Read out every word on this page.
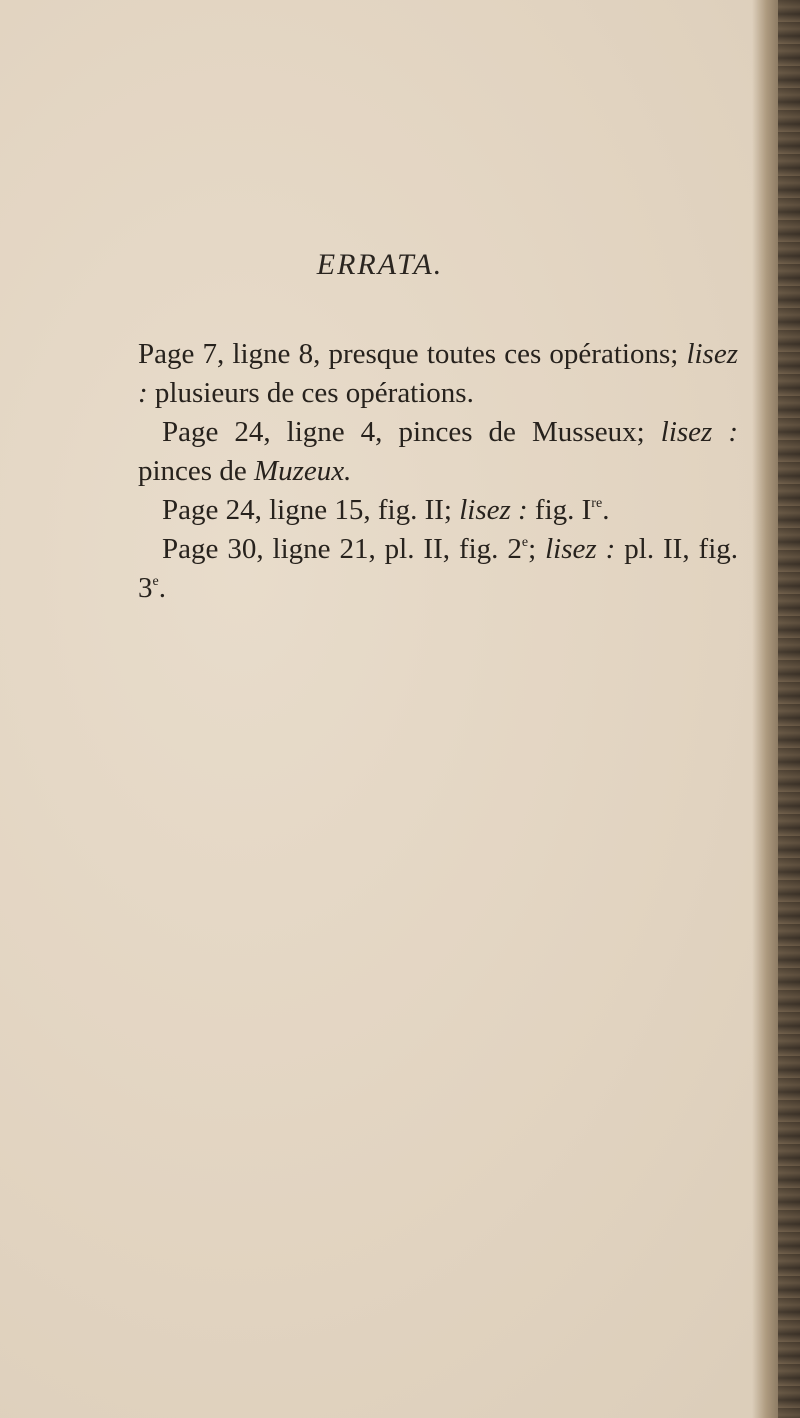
ERRATA.

Page 7, ligne 8, presque toutes ces opérations; lisez : plusieurs de ces opérations.

Page 24, ligne 4, pinces de Musseux; lisez : pinces de Muzeux.

Page 24, ligne 15, fig. II; lisez : fig. Ire.

Page 30, ligne 21, pl. II, fig. 2e; lisez : pl. II, fig. 3e.
